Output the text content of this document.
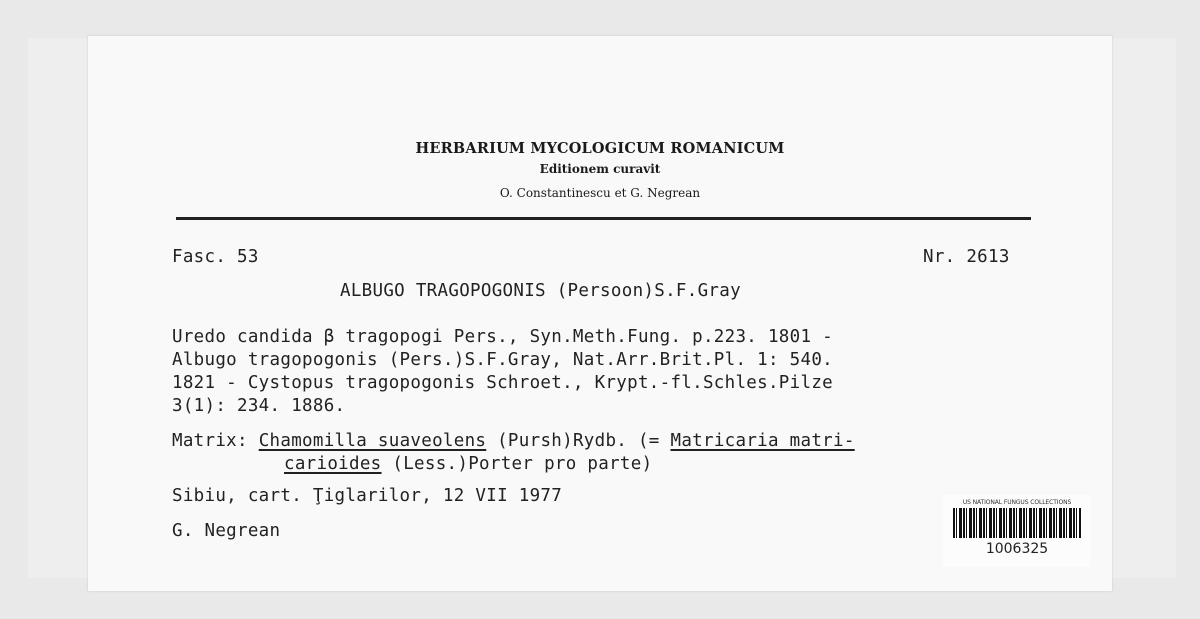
HERBARIUM MYCOLOGICUM ROMANICUM
Editionem curavit
O. Constantinescu et G. Negrean
Fasc. 53	Nr. 2613
ALBUGO TRAGOPOGONIS (Persoon)S.F.Gray
Uredo candida β tragopogi Pers., Syn.Meth.Fung. p.223. 1801 -
Albugo tragopogonis (Pers.)S.F.Gray, Nat.Arr.Brit.Pl. 1: 540.
1821 - Cystopus tragopogonis Schroet., Krypt.-fl.Schles.Pilze
3(1): 234. 1886.
Matrix: Chamomilla suaveolens (Pursh)Rydb. (= Matricaria matri-
carioides (Less.)Porter pro parte)
Sibiu, cart. Ţiglarilor, 12 VII 1977
G. Negrean
US NATIONAL FUNGUS COLLECTIONS
1006325
